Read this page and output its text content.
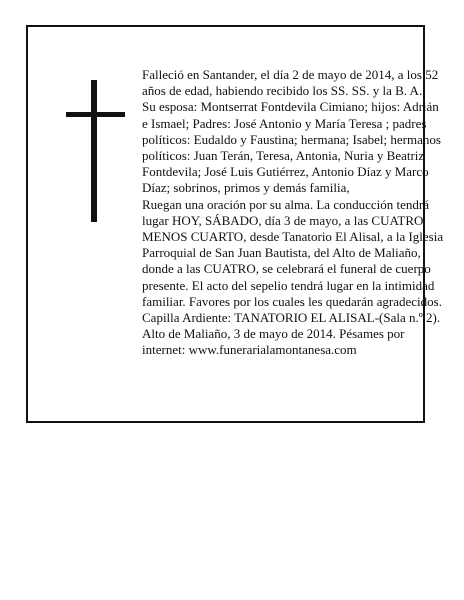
Falleció en Santander, el día 2 de mayo de 2014, a los 52 años de edad, habiendo recibido los SS. SS. y la B. A.

Su esposa: Montserrat Fontdevila Cimiano; hijos: Adrián e Ismael; Padres: José Antonio y María Teresa ; padres políticos: Eudaldo y Faustina; hermana; Isabel; hermanos políticos: Juan Terán, Teresa, Antonia, Nuria y Beatriz Fontdevila; José Luis Gutiérrez, Antonio Díaz y Marco Díaz; sobrinos, primos y demás familia,

Ruegan una oración por su alma. La conducción tendrá lugar HOY, SÁBADO, día 3 de mayo, a las CUATRO MENOS CUARTO, desde Tanatorio El Alisal, a la Iglesia Parroquial de San Juan Bautista, del Alto de Maliaño, donde a las CUATRO, se celebrará el funeral de cuerpo presente. El acto del sepelio tendrá lugar en la intimidad familiar. Favores por los cuales les quedarán agradecidos. Capilla Ardiente: TANATORIO EL ALISAL-(Sala n.º 2).

Alto de Maliaño, 3 de mayo de 2014. Pésames por internet: www.funerarialamontanesa.com
